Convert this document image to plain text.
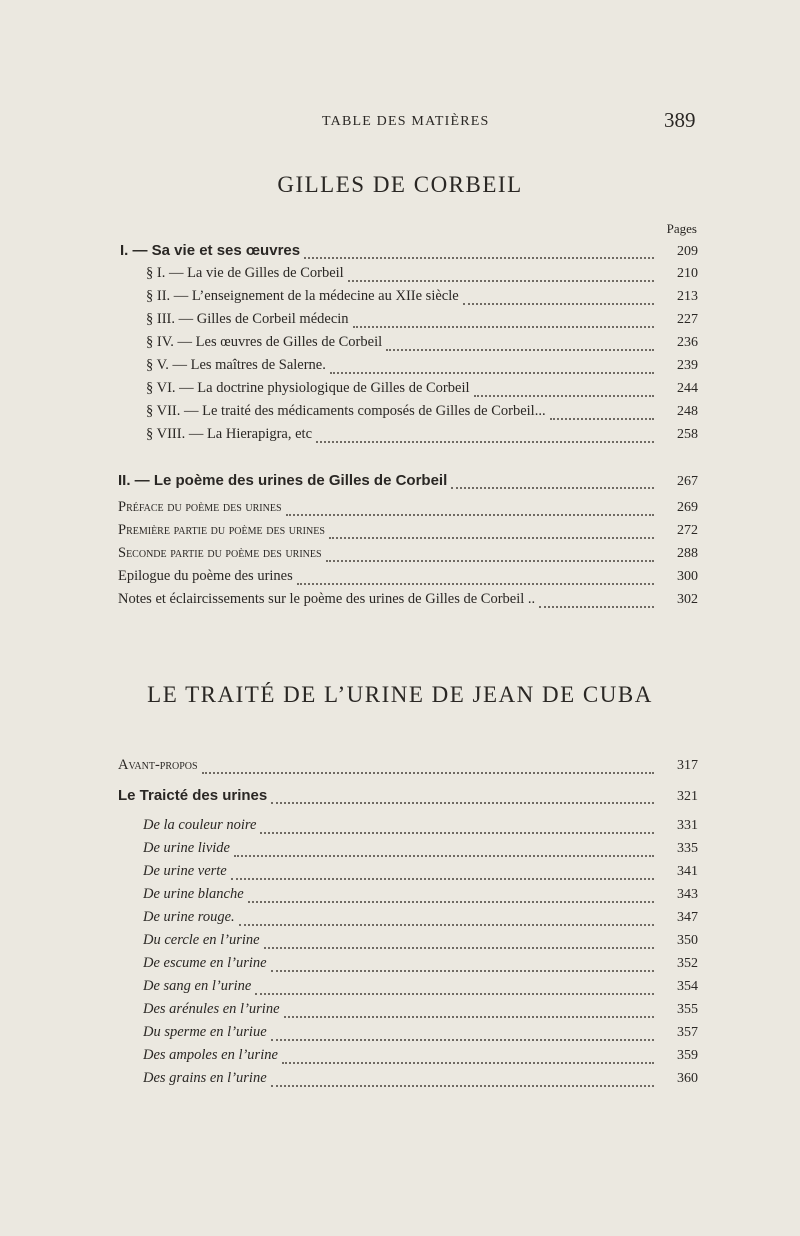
TABLE DES MATIÈRES	389
GILLES DE CORBEIL
Pages
I. — Sa vie et ses œuvres	209
§ I. — La vie de Gilles de Corbeil	210
§ II. — L’enseignement de la médecine au XIIe siècle	213
§ III. — Gilles de Corbeil médecin	227
§ IV. — Les œuvres de Gilles de Corbeil	236
§ V. — Les maîtres de Salerne.	239
§ VI. — La doctrine physiologique de Gilles de Corbeil	244
§ VII. — Le traité des médicaments composés de Gilles de Corbeil...	248
§ VIII. — La Hierapigra, etc	258
II. — Le poème des urines de Gilles de Corbeil	267
Préface du poème des urines	269
Première partie du poème des urines	272
Seconde partie du poème des urines	288
Epilogue du poème des urines	300
Notes et éclaircissements sur le poème des urines de Gilles de Corbeil ..	302
LE TRAITÉ DE L’URINE DE JEAN DE CUBA
Avant-propos	317
Le Traicté des urines	321
De la couleur noire	331
De urine livide	335
De urine verte	341
De urine blanche	343
De urine rouge.	347
Du cercle en l’urine	350
De escume en l’urine	352
De sang en l’urine	354
Des arénules en l’urine	355
Du sperme en l’uriue	357
Des ampoles en l’urine	359
Des grains en l’urine	360
